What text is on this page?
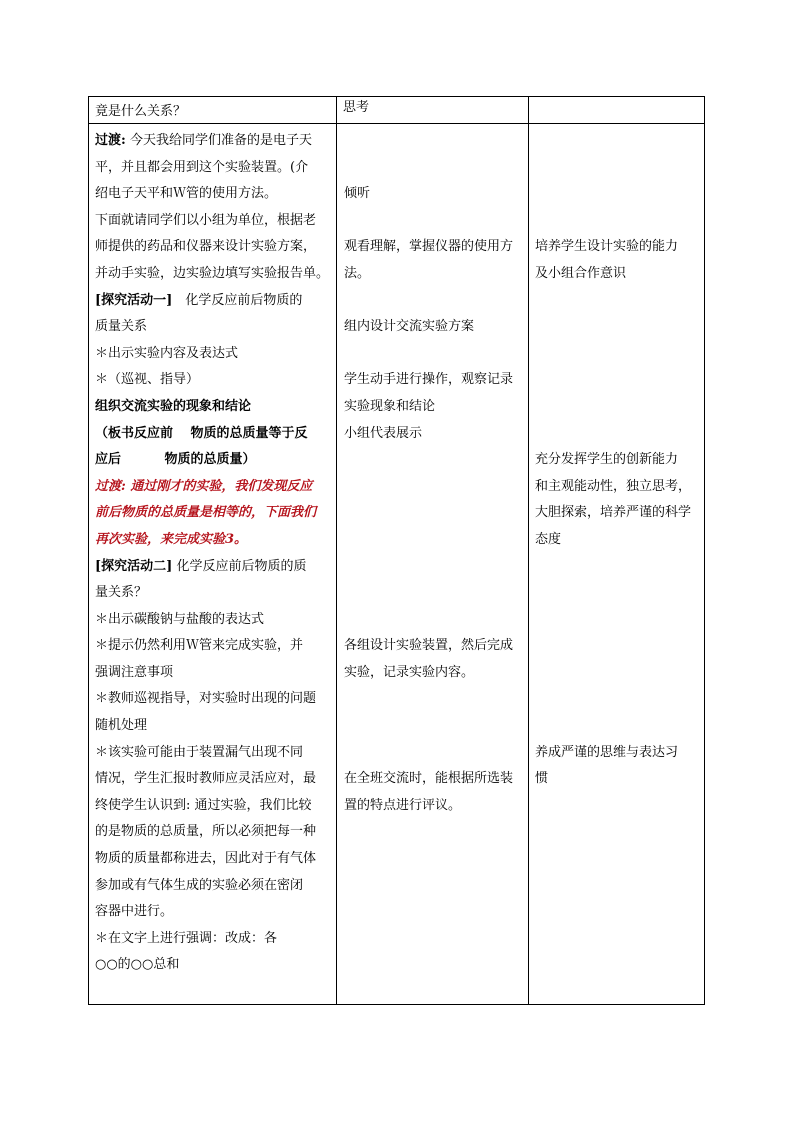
竟是什么关系？	思考
过渡: 今天我给同学们准备的是电子天
平，并且都会用到这个实验装置。(介
绍电子天平和Ｗ管的使用方法。
下面就请同学们以小组为单位，根据老
师提供的药品和仪器来设计实验方案，
并动手实验，边实验边填写实验报告单。
[探究活动一]　化学反应前后物质的
质量关系
＊出示实验内容及表达式
＊（巡视、指导）
组织交流实验的现象和结论
（板书反应前　 物质的总质量等于反
应后　　　 物质的总质量）
过渡: 通过刚才的实验，我们发现反应
前后物质的总质量是相等的，下面我们
再次实验，来完成实验3。
[探究活动二] 化学反应前后物质的质
量关系？
＊出示碳酸钠与盐酸的表达式
＊提示仍然利用Ｗ管来完成实验，并
强调注意事项
＊教师巡视指导，对实验时出现的问题
随机处理
＊该实验可能由于装置漏气出现不同
情况，学生汇报时教师应灵活应对，最
终使学生认识到: 通过实验，我们比较
的是物质的总质量，所以必须把每一种
物质的质量都称进去，因此对于有气体
参加或有气体生成的实验必须在密闭
容器中进行。
＊在文字上进行强调：改成：各
○○的○○总和
倾听
观看理解，掌握仪器的使用方
法。
组内设计交流实验方案
学生动手进行操作，观察记录
实验现象和结论
小组代表展示
各组设计实验装置，然后完成
实验，记录实验内容。
在全班交流时，能根据所选装
置的特点进行评议。
培养学生设计实验的能力
及小组合作意识
充分发挥学生的创新能力
和主观能动性，独立思考，
大胆探索，培养严谨的科学
态度
养成严谨的思维与表达习
惯
